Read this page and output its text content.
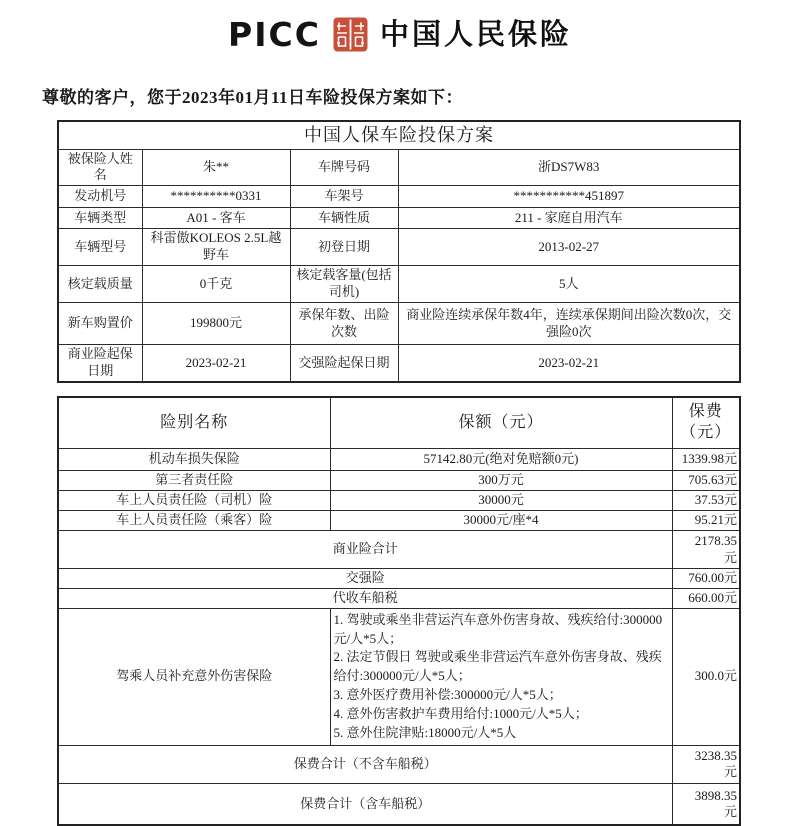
PICC 中国人民保险
尊敬的客户，您于2023年01月11日车险投保方案如下：
中国人保车险投保方案			
被保险人姓名	朱**	车牌号码	浙DS7W83
发动机号	**********0331	车架号	***********451897
车辆类型	A01 - 客车	车辆性质	211 - 家庭自用汽车
车辆型号	科雷傲KOLEOS 2.5L越野车	初登日期	2013-02-27
核定载质量	0千克	核定载客量(包括司机)	5人
新车购置价	199800元	承保年数、出险次数	商业险连续承保年数4年，连续承保期间出险次数0次，交强险0次
商业险起保日期	2023-02-21	交强险起保日期	2023-02-21
险别名称	保额（元）	保费（元）
机动车损失保险	57142.80元(绝对免赔额0元)	1339.98元
第三者责任险	300万元	705.63元
车上人员责任险（司机）险	30000元	37.53元
车上人员责任险（乘客）险	30000元/座*4	95.21元
商业险合计		2178.35元

交强险		760.00元
代收车船税		660.00元
驾乘人员补充意外伤害保险	1. 驾驶或乘坐非营运汽车意外伤害身故、残疾给付:300000元/人*5人；
2. 法定节假日 驾驶或乘坐非营运汽车意外伤害身故、残疾给付:300000元/人*5人；
3. 意外医疗费用补偿:300000元/人*5人；
4. 意外伤害救护车费用给付:1000元/人*5人；
5. 意外住院津贴:18000元/人*5人	300.0元
保费合计（不含车船税）		3238.35元

保费合计（含车船税）		3898.35元
